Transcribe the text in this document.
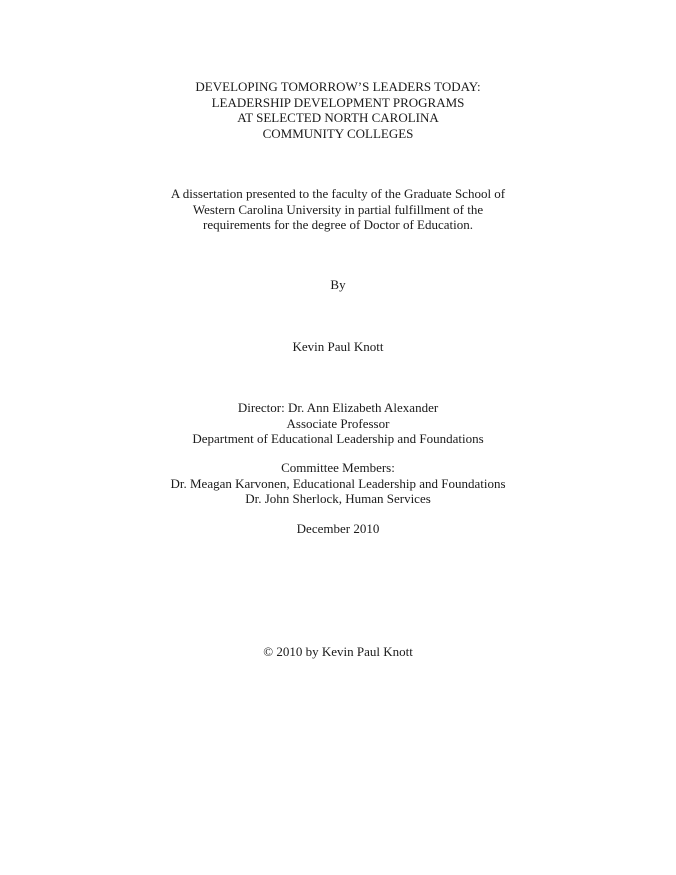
DEVELOPING TOMORROW’S LEADERS TODAY:
LEADERSHIP DEVELOPMENT PROGRAMS
AT SELECTED NORTH CAROLINA
COMMUNITY COLLEGES
A dissertation presented to the faculty of the Graduate School of
Western Carolina University in partial fulfillment of the
requirements for the degree of Doctor of Education.
By
Kevin Paul Knott
Director: Dr. Ann Elizabeth Alexander
Associate Professor
Department of Educational Leadership and Foundations
Committee Members:
Dr. Meagan Karvonen, Educational Leadership and Foundations
Dr. John Sherlock, Human Services
December 2010
© 2010 by Kevin Paul Knott
